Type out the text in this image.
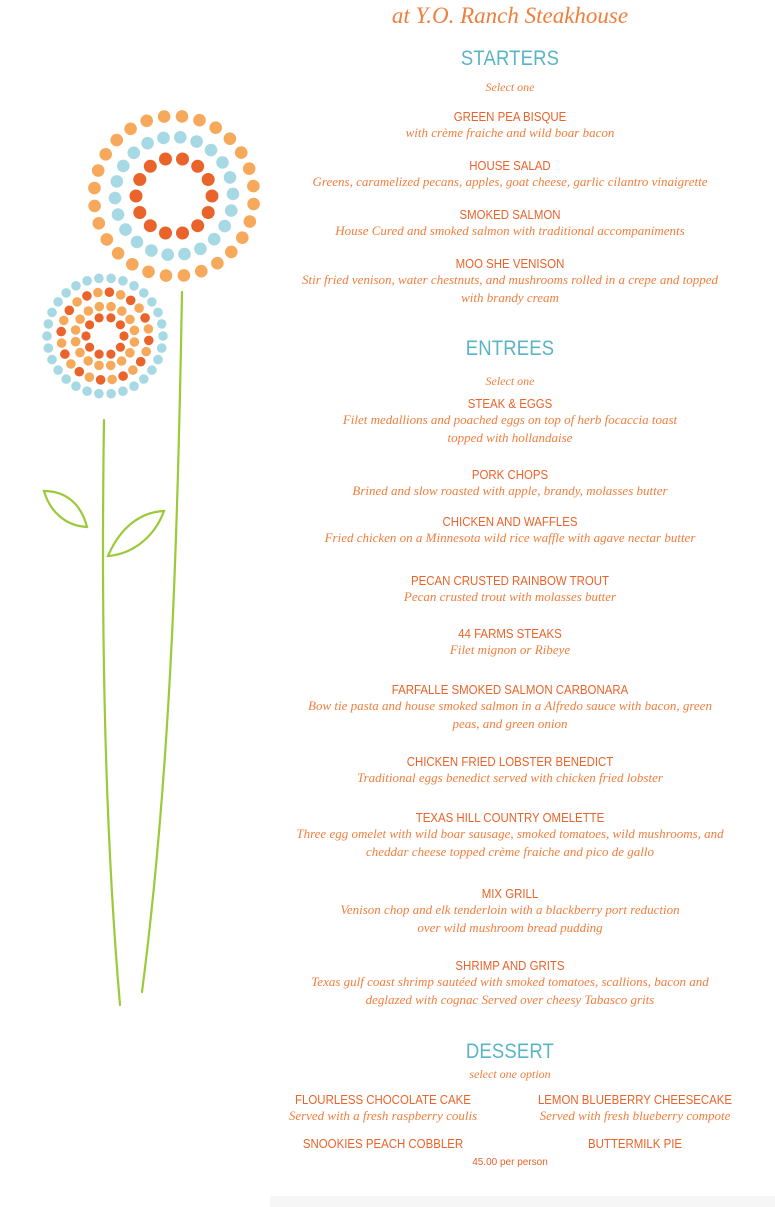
at Y.O. Ranch Steakhouse
STARTERS
Select one
GREEN PEA BISQUE
with crème fraiche and wild boar bacon
HOUSE SALAD
Greens, caramelized pecans, apples, goat cheese, garlic cilantro vinaigrette
SMOKED SALMON
House Cured and smoked salmon with traditional accompaniments
MOO SHE VENISON
Stir fried venison, water chestnuts, and mushrooms rolled in a crepe and topped
with brandy cream
ENTREES
Select one
STEAK & EGGS
Filet medallions and poached eggs on top of herb focaccia toast
topped with hollandaise
PORK CHOPS
Brined and slow roasted with apple, brandy, molasses butter
CHICKEN AND WAFFLES
Fried chicken on a Minnesota wild rice waffle with agave nectar butter
PECAN CRUSTED RAINBOW TROUT
Pecan crusted trout with molasses butter
44 FARMS STEAKS
Filet mignon or Ribeye
FARFALLE SMOKED SALMON CARBONARA
Bow tie pasta and house smoked salmon in a Alfredo sauce with bacon, green
peas, and green onion
CHICKEN FRIED LOBSTER BENEDICT
Traditional eggs benedict served with chicken fried lobster
TEXAS HILL COUNTRY OMELETTE
Three egg omelet with wild boar sausage, smoked tomatoes, wild mushrooms, and
cheddar cheese topped crème fraiche and pico de gallo
MIX GRILL
Venison chop and elk tenderloin with a blackberry port reduction
over wild mushroom bread pudding
SHRIMP AND GRITS
Texas gulf coast shrimp sautéed with smoked tomatoes, scallions, bacon and
deglazed with cognac Served over cheesy Tabasco grits
DESSERT
select one option
FLOURLESS CHOCOLATE CAKE
Served with a fresh raspberry coulis
LEMON BLUEBERRY CHEESECAKE
Served with fresh blueberry compote
SNOOKIES PEACH COBBLER	BUTTERMILK PIE
45.00 per person
